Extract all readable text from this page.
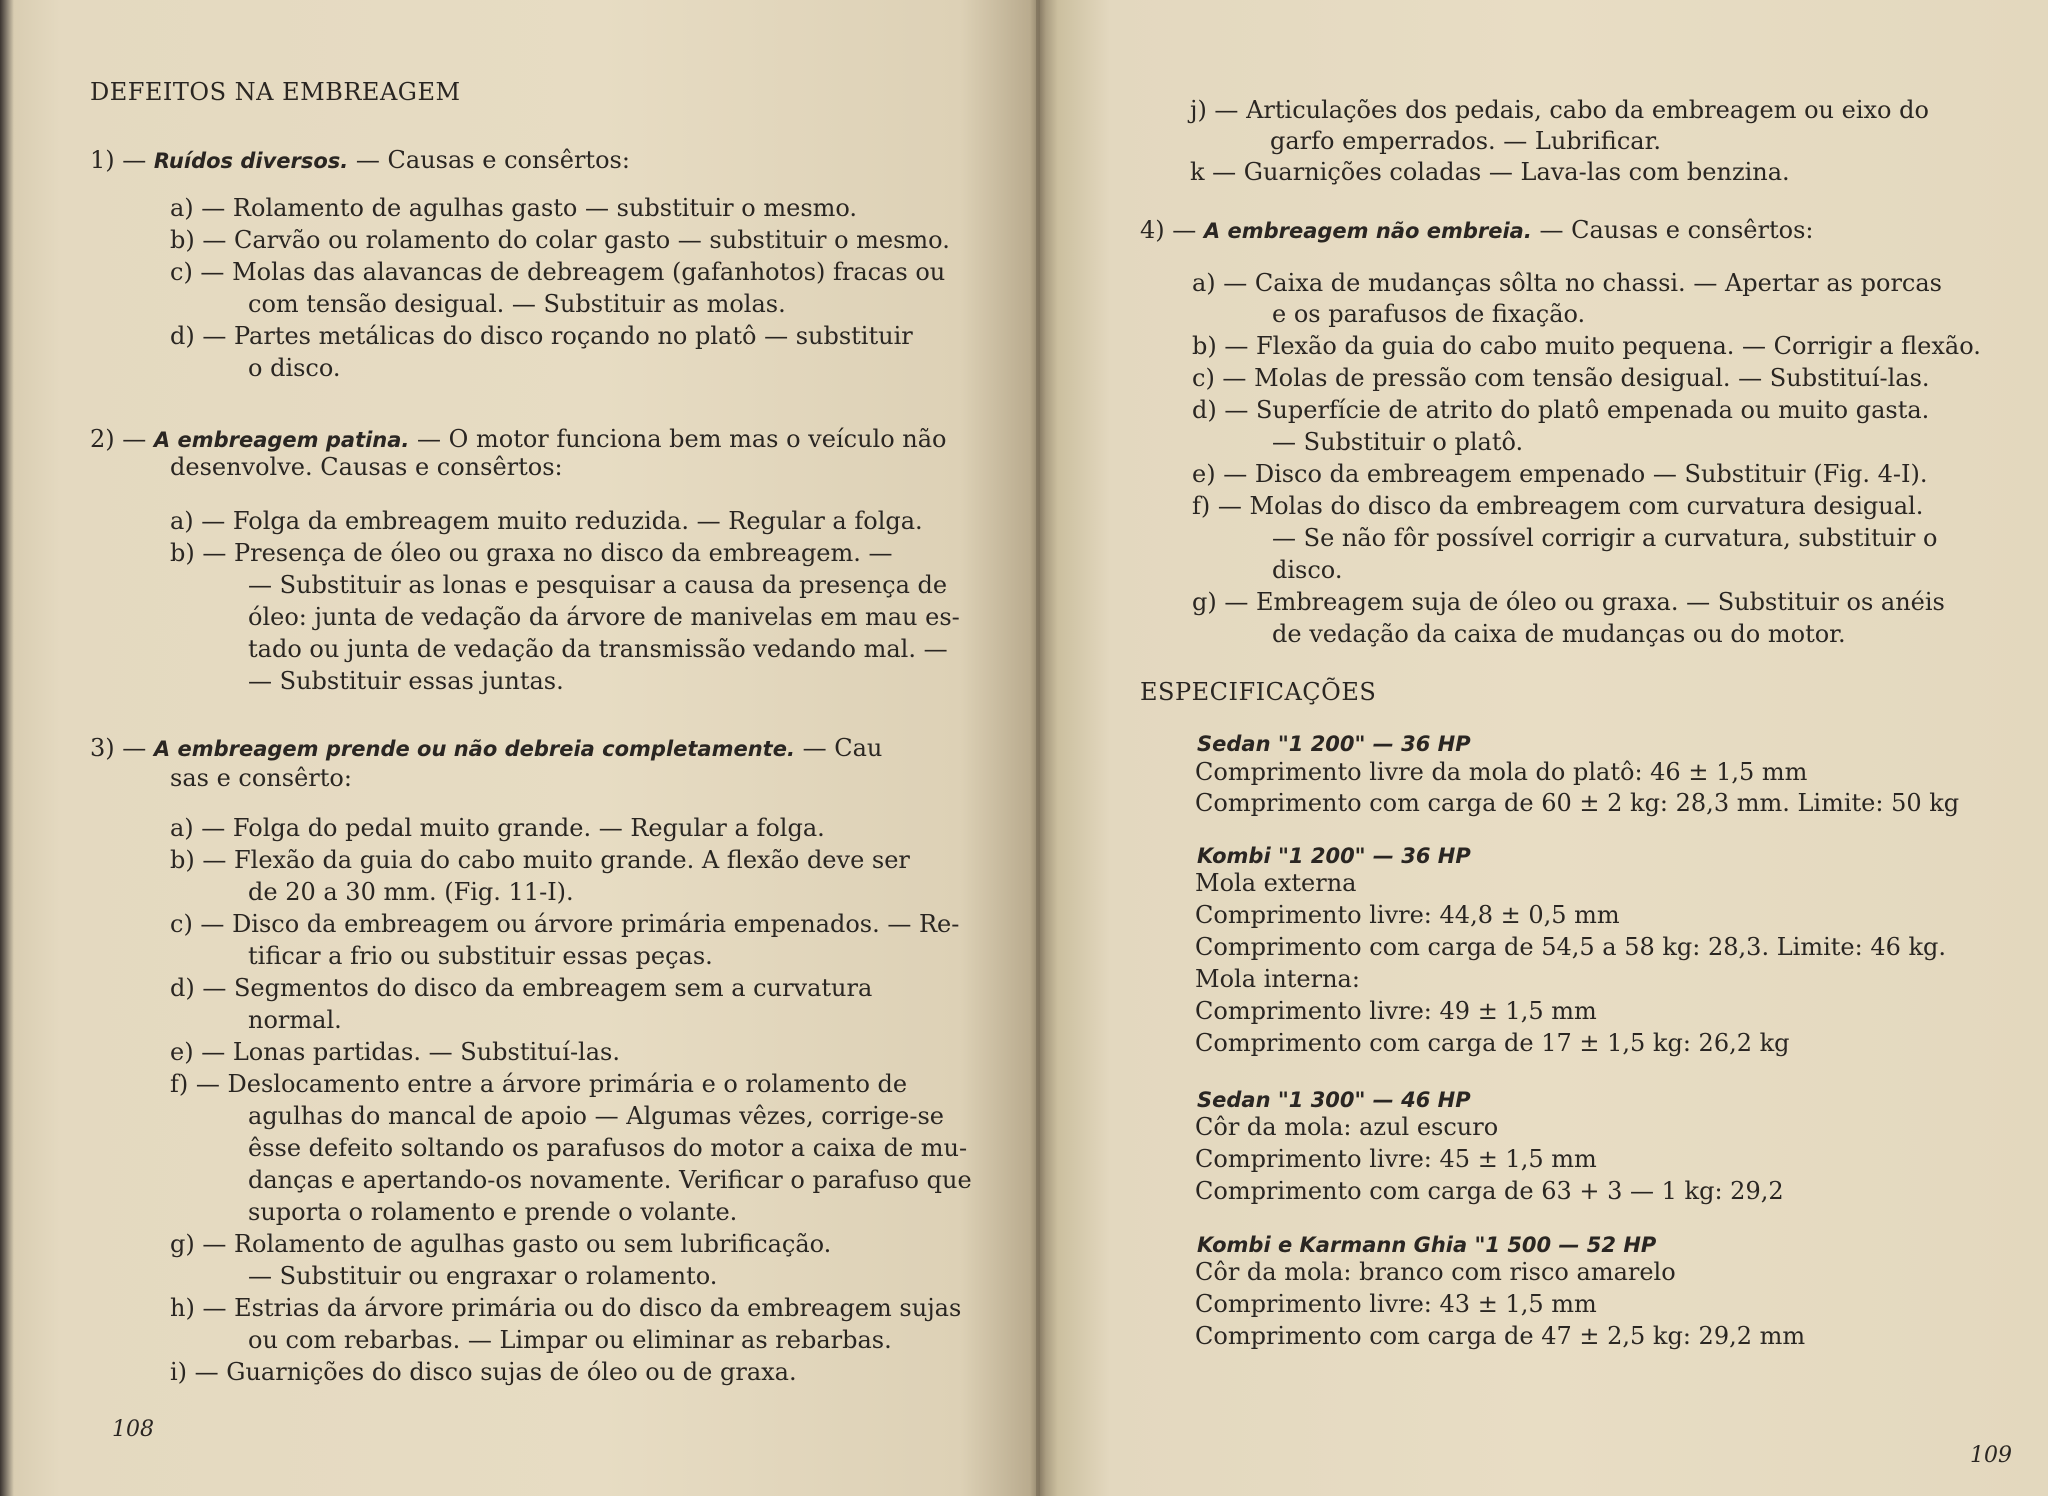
DEFEITOS NA EMBREAGEM
1) — Ruídos diversos. — Causas e consêrtos:
a) — Rolamento de agulhas gasto — substituir o mesmo.
b) — Carvão ou rolamento do colar gasto — substituir o mesmo.
c) — Molas das alavancas de debreagem (gafanhotos) fracas ou
com tensão desigual. — Substituir as molas.
d) — Partes metálicas do disco roçando no platô — substituir
o disco.
2) — A embreagem patina. — O motor funciona bem mas o veículo não
desenvolve. Causas e consêrtos:
a) — Folga da embreagem muito reduzida. — Regular a folga.
b) — Presença de óleo ou graxa no disco da embreagem. —
— Substituir as lonas e pesquisar a causa da presença de
óleo: junta de vedação da árvore de manivelas em mau es-
tado ou junta de vedação da transmissão vedando mal. —
— Substituir essas juntas.
3) — A embreagem prende ou não debreia completamente. — Cau
sas e consêrto:
a) — Folga do pedal muito grande. — Regular a folga.
b) — Flexão da guia do cabo muito grande. A flexão deve ser
de 20 a 30 mm. (Fig. 11-I).
c) — Disco da embreagem ou árvore primária empenados. — Re-
tificar a frio ou substituir essas peças.
d) — Segmentos do disco da embreagem sem a curvatura
normal.
e) — Lonas partidas. — Substituí-las.
f) — Deslocamento entre a árvore primária e o rolamento de
agulhas do mancal de apoio — Algumas vêzes, corrige-se
êsse defeito soltando os parafusos do motor a caixa de mu-
danças e apertando-os novamente. Verificar o parafuso que
suporta o rolamento e prende o volante.
g) — Rolamento de agulhas gasto ou sem lubrificação.
— Substituir ou engraxar o rolamento.
h) — Estrias da árvore primária ou do disco da embreagem sujas
ou com rebarbas. — Limpar ou eliminar as rebarbas.
i) — Guarnições do disco sujas de óleo ou de graxa.
108
j) — Articulações dos pedais, cabo da embreagem ou eixo do
garfo emperrados. — Lubrificar.
k — Guarnições coladas — Lava-las com benzina.
4) — A embreagem não embreia. — Causas e consêrtos:
a) — Caixa de mudanças sôlta no chassi. — Apertar as porcas
e os parafusos de fixação.
b) — Flexão da guia do cabo muito pequena. — Corrigir a flexão.
c) — Molas de pressão com tensão desigual. — Substituí-las.
d) — Superfície de atrito do platô empenada ou muito gasta.
— Substituir o platô.
e) — Disco da embreagem empenado — Substituir (Fig. 4-I).
f) — Molas do disco da embreagem com curvatura desigual.
— Se não fôr possível corrigir a curvatura, substituir o
disco.
g) — Embreagem suja de óleo ou graxa. — Substituir os anéis
de vedação da caixa de mudanças ou do motor.
ESPECIFICAÇÕES
Sedan "1 200" — 36 HP
Comprimento livre da mola do platô: 46 ± 1,5 mm
Comprimento com carga de 60 ± 2 kg: 28,3 mm. Limite: 50 kg
Kombi "1 200" — 36 HP
Mola externa
Comprimento livre: 44,8 ± 0,5 mm
Comprimento com carga de 54,5 a 58 kg: 28,3. Limite: 46 kg.
Mola interna:
Comprimento livre: 49 ± 1,5 mm
Comprimento com carga de 17 ± 1,5 kg: 26,2 kg
Sedan "1 300" — 46 HP
Côr da mola: azul escuro
Comprimento livre: 45 ± 1,5 mm
Comprimento com carga de 63 + 3 — 1 kg: 29,2
Kombi e Karmann Ghia "1 500 — 52 HP
Côr da mola: branco com risco amarelo
Comprimento livre: 43 ± 1,5 mm
Comprimento com carga de 47 ± 2,5 kg: 29,2 mm
109
